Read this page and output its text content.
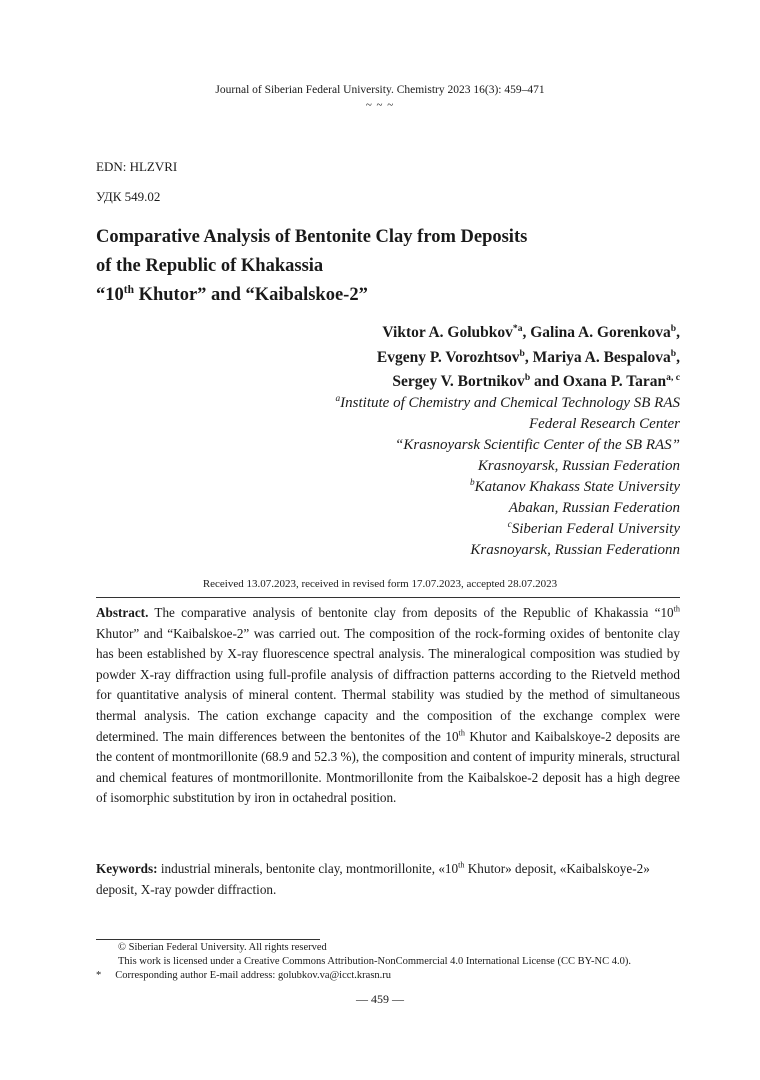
Journal of Siberian Federal University. Chemistry 2023 16(3): 459–471
~ ~ ~
EDN: HLZVRI
УДК 549.02
Comparative Analysis of Bentonite Clay from Deposits
of the Republic of Khakassia
“10th Khutor” and “Kaibalskoe-2”
Viktor A. Golubkov$^{*a}$, Galina A. Gorenkova$^b$,
Evgeny P. Vorozhtsov$^b$, Mariya A. Bespalova$^b$,
Sergey V. Bortnikov$^b$ and Oxana P. Taran$^{a, c}$
$^a$Institute of Chemistry and Chemical Technology SB RAS
Federal Research Center
“Krasnoyarsk Scientific Center of the SB RAS”
Krasnoyarsk, Russian Federation
$^b$Katanov Khakass State University
Abakan, Russian Federation
$^c$Siberian Federal University
Krasnoyarsk, Russian Federationn
Received 13.07.2023, received in revised form 17.07.2023, accepted 28.07.2023
Abstract. The comparative analysis of bentonite clay from deposits of the Republic of Khakassia “10th Khutor” and “Kaibalskoe-2” was carried out. The composition of the rock-forming oxides of bentonite clay has been established by X-ray fluorescence spectral analysis. The mineralogical composition was studied by powder X-ray diffraction using full-profile analysis of diffraction patterns according to the Rietveld method for quantitative analysis of mineral content. Thermal stability was studied by the method of simultaneous thermal analysis. The cation exchange capacity and the composition of the exchange complex were determined. The main differences between the bentonites of the 10th Khutor and Kaibalskoye-2 deposits are the content of montmorillonite (68.9 and 52.3 %), the composition and content of impurity minerals, structural and chemical features of montmorillonite. Montmorillonite from the Kaibalskoe-2 deposit has a high degree of isomorphic substitution by iron in octahedral position.
Keywords: industrial minerals, bentonite clay, montmorillonite, «10th Khutor» deposit, «Kaibalskoye-2» deposit, X-ray powder diffraction.
© Siberian Federal University. All rights reserved
This work is licensed under a Creative Commons Attribution-NonCommercial 4.0 International License (CC BY-NC 4.0).
* Corresponding author E-mail address: golubkov.va@icct.krasn.ru
— 459 —
